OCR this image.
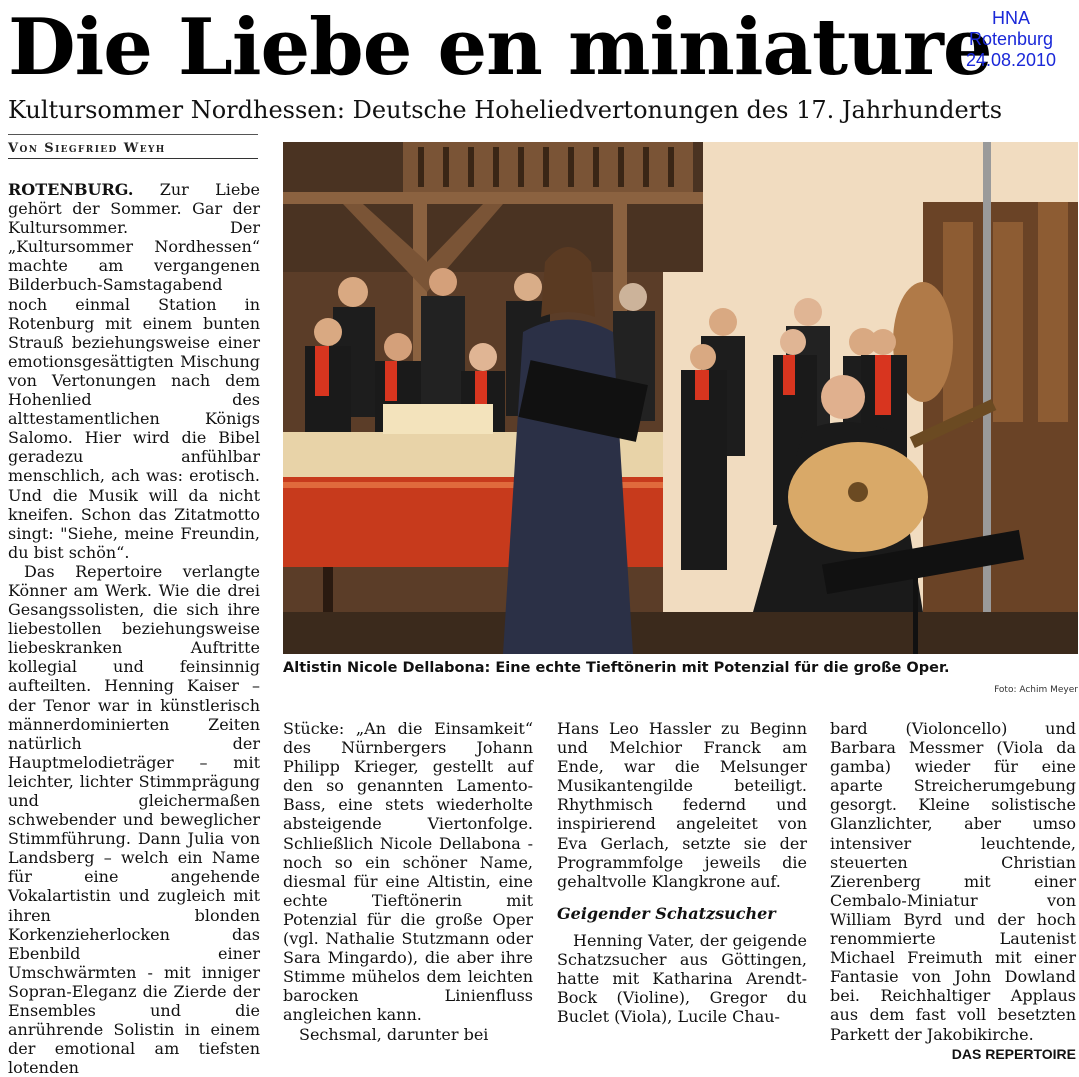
Die Liebe en miniature HNA
Rotenburg
24.08.2010
Kultursommer Nordhessen: Deutsche Hoheliedvertonungen des 17. Jahrhunderts
Von Siegfried Weyh

ROTENBURG. Zur Liebe gehört der Sommer. Gar der Kultursommer. Der „Kultursommer Nordhessen“ machte am vergangenen Bilderbuch-Samstagabend noch einmal Station in Rotenburg mit einem bunten Strauß beziehungsweise einer emotionsgesättigten Mischung von Vertonungen nach dem Hohenlied des alttestamentlichen Königs Salomo. Hier wird die Bibel geradezu anfühlbar menschlich, ach was: erotisch. Und die Musik will da nicht kneifen. Schon das Zitatmotto singt: "Siehe, meine Freundin, du bist schön“.

Das Repertoire verlangte Könner am Werk. Wie die drei Gesangssolisten, die sich ihre liebestollen beziehungsweise liebeskranken Auftritte kollegial und feinsinnig aufteilten. Henning Kaiser – der Tenor war in künstlerisch männerdominierten Zeiten natürlich der Hauptmelodieträger – mit leichter, lichter Stimmprägung und gleichermaßen schwebender und beweglicher Stimmführung. Dann Julia von Landsberg – welch ein Name für eine angehende Vokalartistin und zugleich mit ihren blonden Korkenzieherlocken das Ebenbild einer Umschwärmten - mit inniger Sopran-Eleganz die Zierde der Ensembles und die anrührende Solistin in einem der emotional am tiefsten lotenden

Altistin Nicole Dellabona: Eine echte Tieftönerin mit Potenzial für die große Oper.
Foto: Achim Meyer

Stücke: „An die Einsamkeit“ des Nürnbergers Johann Philipp Krieger, gestellt auf den so genannten Lamento-Bass, eine stets wiederholte absteigende Viertonfolge. Schließlich Nicole Dellabona - noch so ein schöner Name, diesmal für eine Altistin, eine echte Tieftönerin mit Potenzial für die große Oper (vgl. Nathalie Stutzmann oder Sara Mingardo), die aber ihre Stimme mühelos dem leichten barocken Linienfluss angleichen kann.

Sechsmal, darunter bei

Hans Leo Hassler zu Beginn und Melchior Franck am Ende, war die Melsunger Musikantengilde beteiligt. Rhythmisch federnd und inspirierend angeleitet von Eva Gerlach, setzte sie der Programmfolge jeweils die gehaltvolle Klangkrone auf.

Geigender Schatzsucher

Henning Vater, der geigende Schatzsucher aus Göttingen, hatte mit Katharina Arendt-Bock (Violine), Gregor du Buclet (Viola), Lucile Chau-

bard (Violoncello) und Barbara Messmer (Viola da gamba) wieder für eine aparte Streicherumgebung gesorgt. Kleine solistische Glanzlichter, aber umso intensiver leuchtende, steuerten Christian Zierenberg mit einer Cembalo-Miniatur von William Byrd und der hoch renommierte Lautenist Michael Freimuth mit einer Fantasie von John Dowland bei. Reichhaltiger Applaus aus dem fast voll besetzten Parkett der Jakobikirche.

DAS REPERTOIRE
